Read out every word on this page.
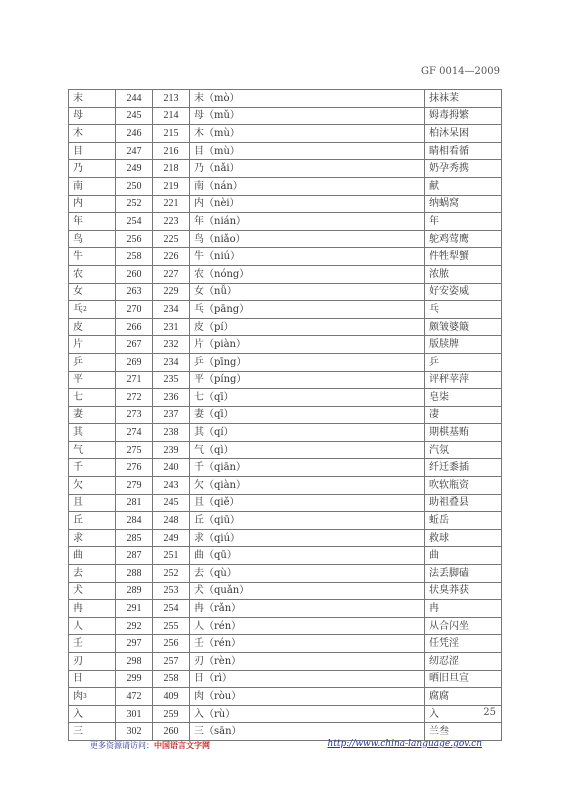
GF 0014—2009
末	244	213	末（mò）	抹袜茉
母	245	214	母（mǔ）	姆毒拇繁
木	246	215	木（mù）	柏沐呆困
目	247	216	目（mù）	睛相看循
乃	249	218	乃（nǎi）	奶孕秀携
南	250	219	南（nán）	献
内	252	221	内（nèi）	纳蜗窝
年	254	223	年（nián）	年
鸟	256	225	鸟（niǎo）	鸵鸡莺鹰
牛	258	226	牛（niú）	件牲犁蟹
农	260	227	农（nóng）	浓脓
女	263	229	女（nǚ）	好安姿威
乓$^2$	270	234	乓（pāng）	乓
皮	266	231	皮（pí）	颇皱婆簸
片	267	232	片（piàn）	版牍牌
乒	269	234	乒（pīng）	乒
平	271	235	平（píng）	评秤苹萍
七	272	236	七（qī）	皂柒
妻	273	237	妻（qī）	凄
其	274	238	其（qí）	期棋基贿
气	275	239	气（qì）	汽氛
千	276	240	千（qiān）	纤迁黍插
欠	279	243	欠（qiàn）	吹软瓶资
且	281	245	且（qiě）	助祖叠县
丘	284	248	丘（qiū）	蚯岳
求	285	249	求（qiú）	救球
曲	287	251	曲（qū）	曲
去	288	252	去（qù）	法丢脚磕
犬	289	253	犬（quǎn）	状臭莽获
冉	291	254	冉（rǎn）	冉
人	292	255	人（rén）	从合闪坐
壬	297	256	壬（rén）	任凭淫
刃	298	257	刃（rèn）	纫忍涩
日	299	258	日（rì）	晒旧旦宣
肉$^3$	472	409	肉（ròu）	腐腐
入	301	259	入（rù）	入
三	302	260	三（sān）	兰叁
25
更多资源请访问：中国语言文字网	http://www.china-language.gov.cn
